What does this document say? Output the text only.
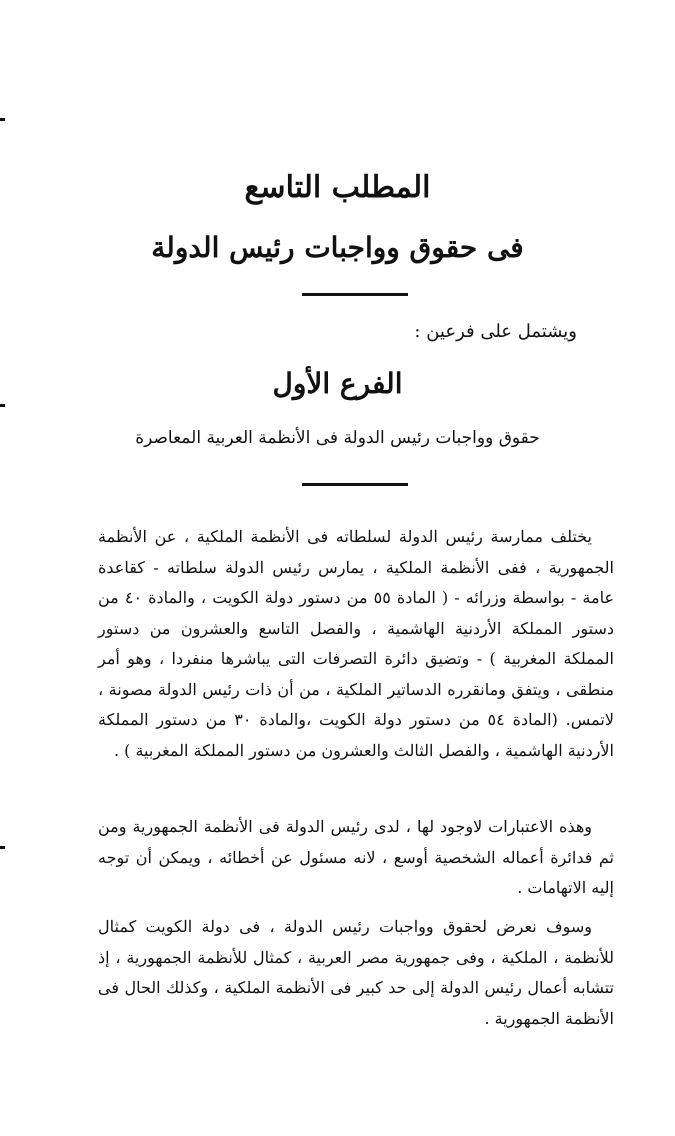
المطلب التاسع
فى حقوق وواجبات رئيس الدولة
ويشتمل على فرعين :
الفرع الأول
حقوق وواجبات رئيس الدولة فى الأنظمة العربية المعاصرة

يختلف ممارسة رئيس الدولة لسلطاته فى الأنظمة الملكية ، عن الأنظمة الجمهورية ، ففى الأنظمة الملكية ، يمارس رئيس الدولة سلطاته - كقاعدة عامة - بواسطة وزرائه - ( المادة ٥٥ من دستور دولة الكويت ، والمادة ٤٠ من دستور المملكة الأردنية الهاشمية ، والفصل التاسع والعشرون من دستور المملكة المغربية ) - وتضيق دائرة التصرفات التى يباشرها منفردا ، وهو أمر منطقى ، ويتفق ومانقرره الدساتير الملكية ، من أن ذات رئيس الدولة مصونة ، لاتمس. (المادة ٥٤ من دستور دولة الكويت ،والمادة ٣٠ من دستور المملكة الأردنية الهاشمية ، والفصل الثالث والعشرون من دستور المملكة المغربية ) .

وهذه الاعتبارات لاوجود لها ، لدى رئيس الدولة فى الأنظمة الجمهورية ومن ثم فدائرة أعماله الشخصية أوسع ، لانه مسئول عن أخطائه ، ويمكن أن توجه إليه الاتهامات .

وسوف نعرض لحقوق وواجبات رئيس الدولة ، فى دولة الكويت كمثال للأنظمة ، الملكية ، وفى جمهورية مصر العربية ، كمثال للأنظمة الجمهورية ، إذ تتشابه أعمال رئيس الدولة إلى حد كبير فى الأنظمة الملكية ، وكذلك الحال فى الأنظمة الجمهورية .
